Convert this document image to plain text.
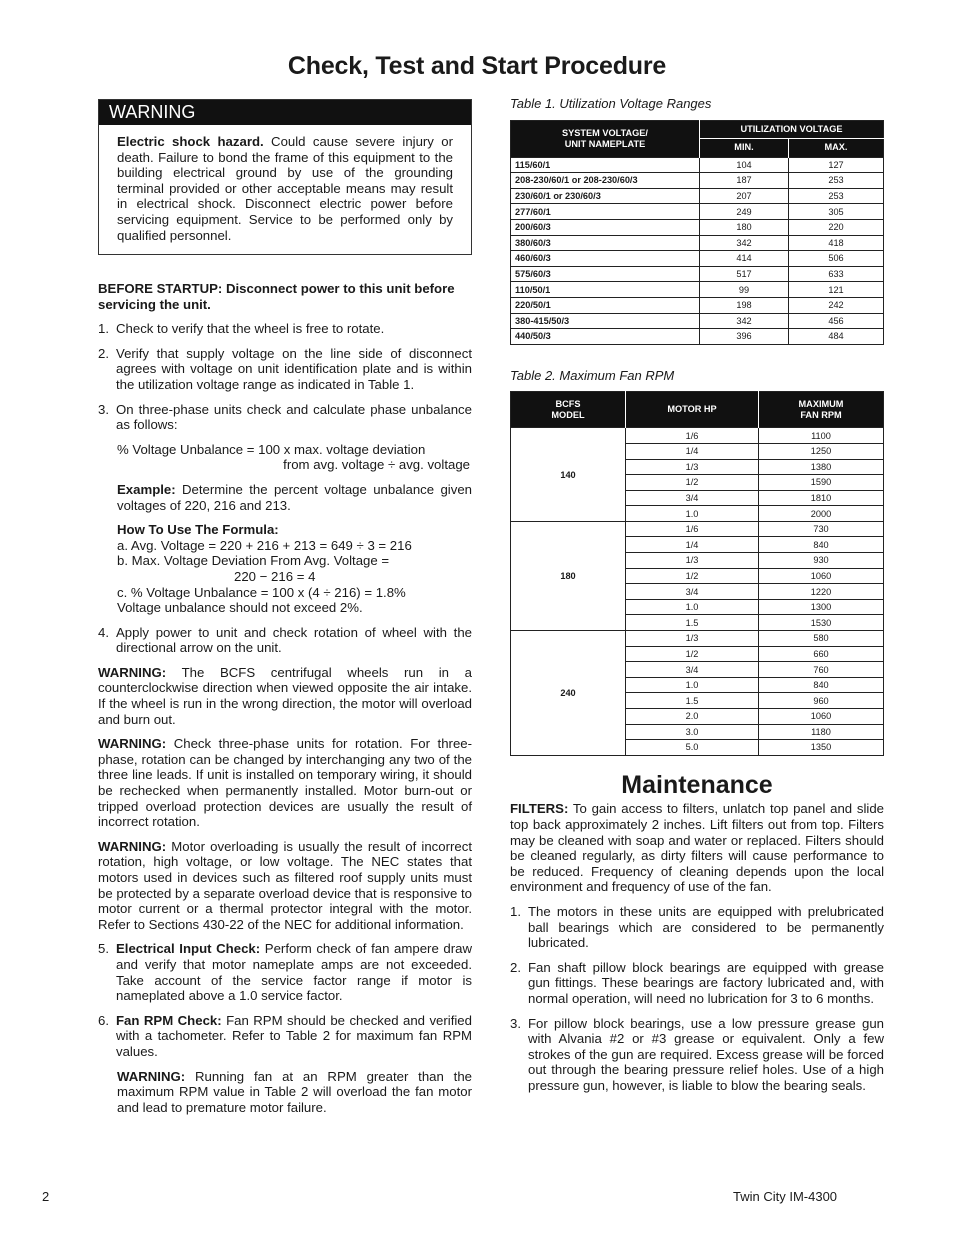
Check, Test and Start Procedure
WARNING
Electric shock hazard. Could cause severe injury or death. Failure to bond the frame of this equipment to the building electrical ground by use of the grounding terminal provided or other acceptable means may result in electrical shock. Disconnect electric power before servicing equipment. Service to be performed only by qualified personnel.

BEFORE STARTUP: Disconnect power to this unit before servicing the unit.

1. Check to verify that the wheel is free to rotate.
2. Verify that supply voltage on the line side of disconnect agrees with voltage on unit identification plate and is within the utilization voltage range as indicated in Table 1.
3. On three-phase units check and calculate phase unbalance as follows:

% Voltage Unbalance = 100 x max. voltage deviation

from avg. voltage ÷ avg. voltage

Example: Determine the percent voltage unbalance given voltages of 220, 216 and 213.

How To Use The Formula:

a. Avg. Voltage = 220 + 216 + 213 = 649 ÷ 3 = 216

b. Max. Voltage Deviation From Avg. Voltage =

220 − 216 = 4

c. % Voltage Unbalance = 100 x (4 ÷ 216) = 1.8%

Voltage unbalance should not exceed 2%.

4. Apply power to unit and check rotation of wheel with the directional arrow on the unit.

WARNING: The BCFS centrifugal wheels run in a counterclockwise direction when viewed opposite the air intake. If the wheel is run in the wrong direction, the motor will overload and burn out.

WARNING: Check three-phase units for rotation. For three-phase, rotation can be changed by interchanging any two of the three line leads. If unit is installed on temporary wiring, it should be rechecked when permanently installed. Motor burn-out or tripped overload protection devices are usually the result of incorrect rotation.

WARNING: Motor overloading is usually the result of incorrect rotation, high voltage, or low voltage. The NEC states that motors used in devices such as filtered roof supply units must be protected by a separate overload device that is responsive to motor current or a thermal protector integral with the motor. Refer to Sections 430-22 of the NEC for additional information.

5. Electrical Input Check: Perform check of fan ampere draw and verify that motor nameplate amps are not exceeded. Take account of the service factor range if motor is nameplated above a 1.0 service factor.
6. Fan RPM Check: Fan RPM should be checked and verified with a tachometer. Refer to Table 2 for maximum fan RPM values.

WARNING: Running fan at an RPM greater than the maximum RPM value in Table 2 will overload the fan motor and lead to premature motor failure.

Table 1. Utilization Voltage Ranges
SYSTEM VOLTAGE/
UNIT NAMEPLATE	UTILIZATION VOLTAGE	
	MIN.	MAX.
115/60/1	104	127
208-230/60/1 or 208-230/60/3	187	253
230/60/1 or 230/60/3	207	253
277/60/1	249	305
200/60/3	180	220
380/60/3	342	418
460/60/3	414	506
575/60/3	517	633
110/50/1	99	121
220/50/1	198	242
380-415/50/3	342	456
440/50/3	396	484
Table 2. Maximum Fan RPM
BCFS
MODEL	MOTOR HP	MAXIMUM
FAN RPM
140	1/6	1100
	1/4	1250
	1/3	1380
	1/2	1590
	3/4	1810
	1.0	2000
180	1/6	730
	1/4	840
	1/3	930
	1/2	1060
	3/4	1220
	1.0	1300
	1.5	1530
240	1/3	580
	1/2	660
	3/4	760
	1.0	840
	1.5	960
	2.0	1060
	3.0	1180
	5.0	1350
Maintenance

FILTERS: To gain access to filters, unlatch top panel and slide top back approximately 2 inches. Lift filters out from top. Filters may be cleaned with soap and water or replaced. Filters should be cleaned regularly, as dirty filters will cause performance to be reduced. Frequency of cleaning depends upon the local environment and frequency of use of the fan.

1. The motors in these units are equipped with prelubricated ball bearings which are considered to be permanently lubricated.
2. Fan shaft pillow block bearings are equipped with grease gun fittings. These bearings are factory lubricated and, with normal operation, will need no lubrication for 3 to 6 months.
3. For pillow block bearings, use a low pressure grease gun with Alvania #2 or #3 grease or equivalent. Only a few strokes of the gun are required. Excess grease will be forced out through the bearing pressure relief holes. Use of a high pressure gun, however, is liable to blow the bearing seals.
2	Twin City IM-4300
